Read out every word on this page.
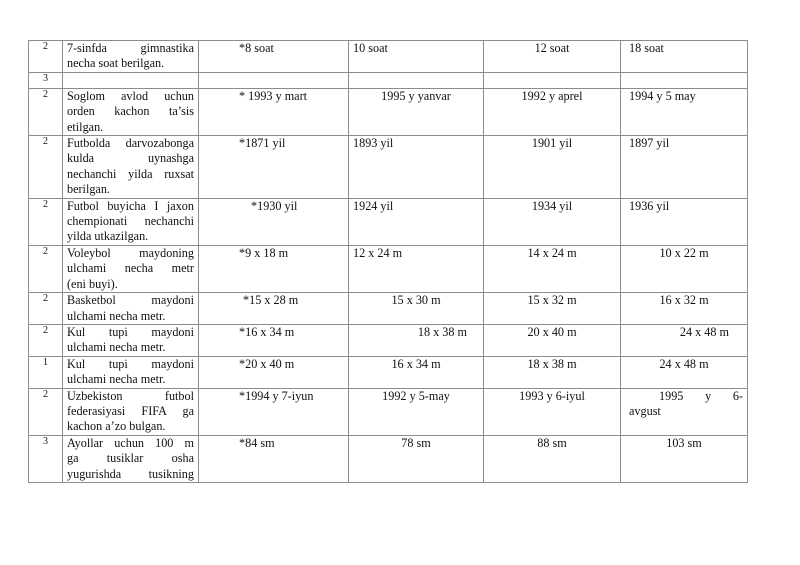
2	7-sinfda gimnastika
necha soat berilgan.	*8 soat	10 soat	12 soat	18 soat
3					
2	Soglom avlod uchun
orden kachon ta’sis
etilgan.	* 1993 y mart	1995 y yanvar	1992 y aprel	1994 y 5 may
2	Futbolda darvozabonga
kulda uynashga
nechanchi yilda ruxsat
berilgan.	*1871 yil	1893 yil	1901 yil	1897 yil
2	Futbol buyicha I jaxon
chempionati nechanchi
yilda utkazilgan.	*1930 yil	1924 yil	1934 yil	1936 yil
2	Voleybol maydoning
ulchami necha metr
(eni buyi).	*9 x 18 m	12 x 24 m	14 x 24 m	10 x 22 m
2	Basketbol maydoni
ulchami necha metr.	*15 x 28 m	15 x 30 m	15 x 32 m	16 x 32 m
2	Kul tupi maydoni
ulchami necha metr.	*16 x 34 m	18 x 38 m	20 x 40 m	24 x 48 m
1	Kul tupi maydoni
ulchami necha metr.	*20 x 40 m	16 x 34 m	18 x 38 m	24 x 48 m
2	Uzbekiston futbol
federasiyasi FIFA ga
kachon a’zo bulgan.	*1994 y 7-iyun	1992 y 5-may	1993 y 6-iyul	1995 y 6-
avgust

3	Ayollar uchun 100 m
ga tusiklar osha
yugurishda tusikning	*84 sm	78 sm	88 sm	103 sm
